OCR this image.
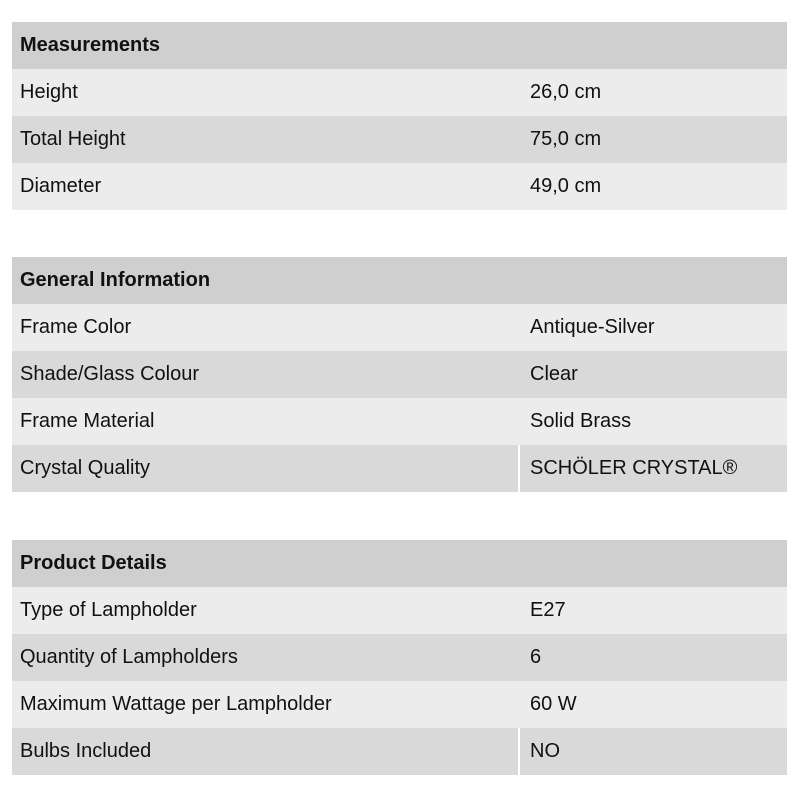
Measurements
Height	26,0 cm
Total Height	75,0 cm
Diameter	49,0 cm
General Information
Frame Color	Antique-Silver
Shade/Glass Colour	Clear
Frame Material	Solid Brass
Crystal Quality	SCHÖLER CRYSTAL®
Product Details
Type of Lampholder	E27
Quantity of Lampholders	6
Maximum Wattage per Lampholder	60 W
Bulbs Included	NO
